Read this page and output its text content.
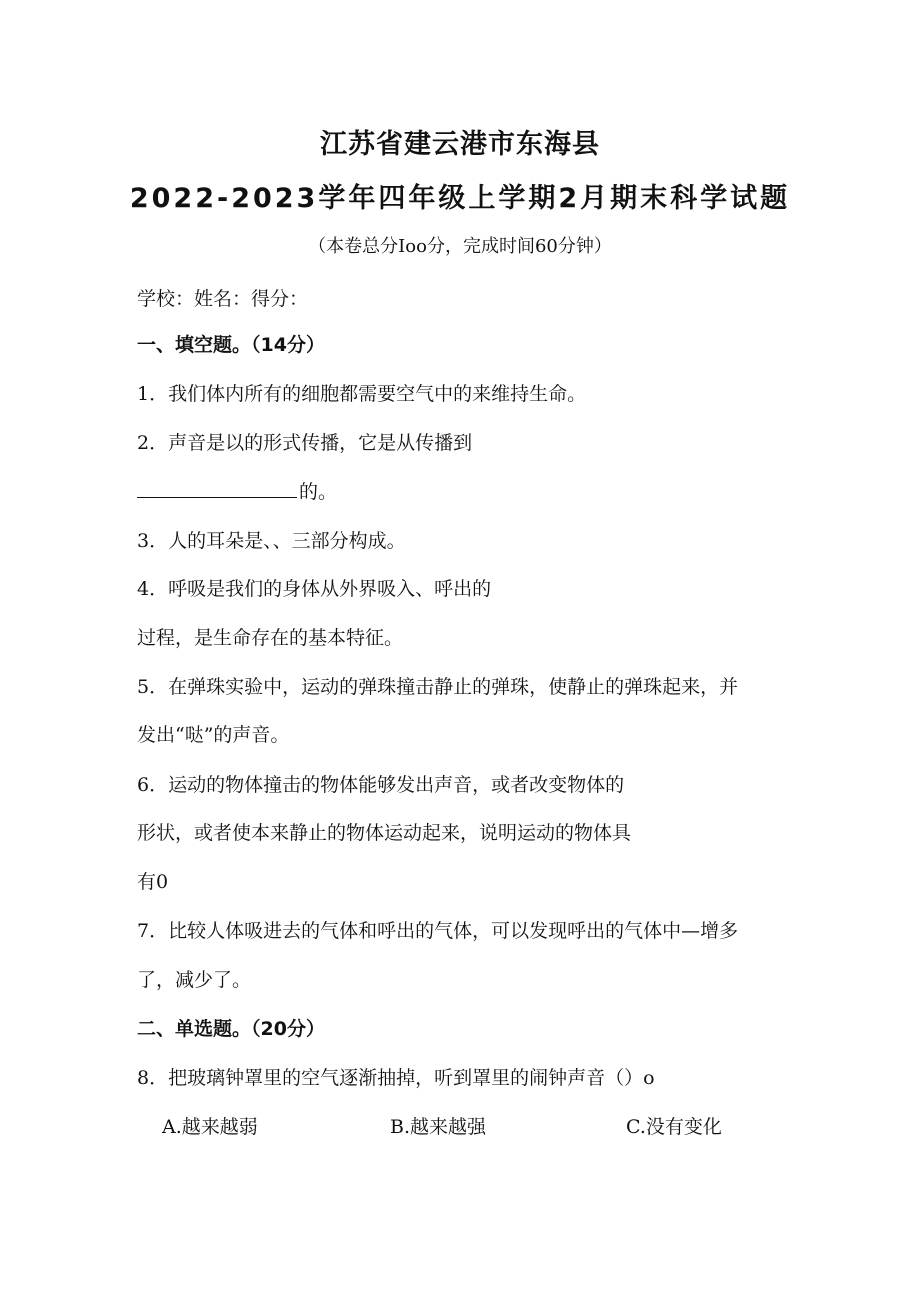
江苏省建云港市东海县
2022-2023学年四年级上学期2月期末科学试题
（本卷总分Ioo分，完成时间60分钟）
学校：姓名：得分：
一、填空题。（14分）
1．我们体内所有的细胞都需要空气中的来维持生命。
2．声音是以的形式传播，它是从传播到
的。
3．人的耳朵是、、三部分构成。
4．呼吸是我们的身体从外界吸入、呼出的
过程，是生命存在的基本特征。
5．在弹珠实验中，运动的弹珠撞击静止的弹珠，使静止的弹珠起来，并
发出“哒”的声音。
6．运动的物体撞击的物体能够发出声音，或者改变物体的
形状，或者使本来静止的物体运动起来，说明运动的物体具
有0
7．比较人体吸进去的气体和呼出的气体，可以发现呼出的气体中—增多
了，减少了。
二、单选题。（20分）
8．把玻璃钟罩里的空气逐渐抽掉，听到罩里的闹钟声音（）o
A.越来越弱	B.越来越强	C.没有变化
